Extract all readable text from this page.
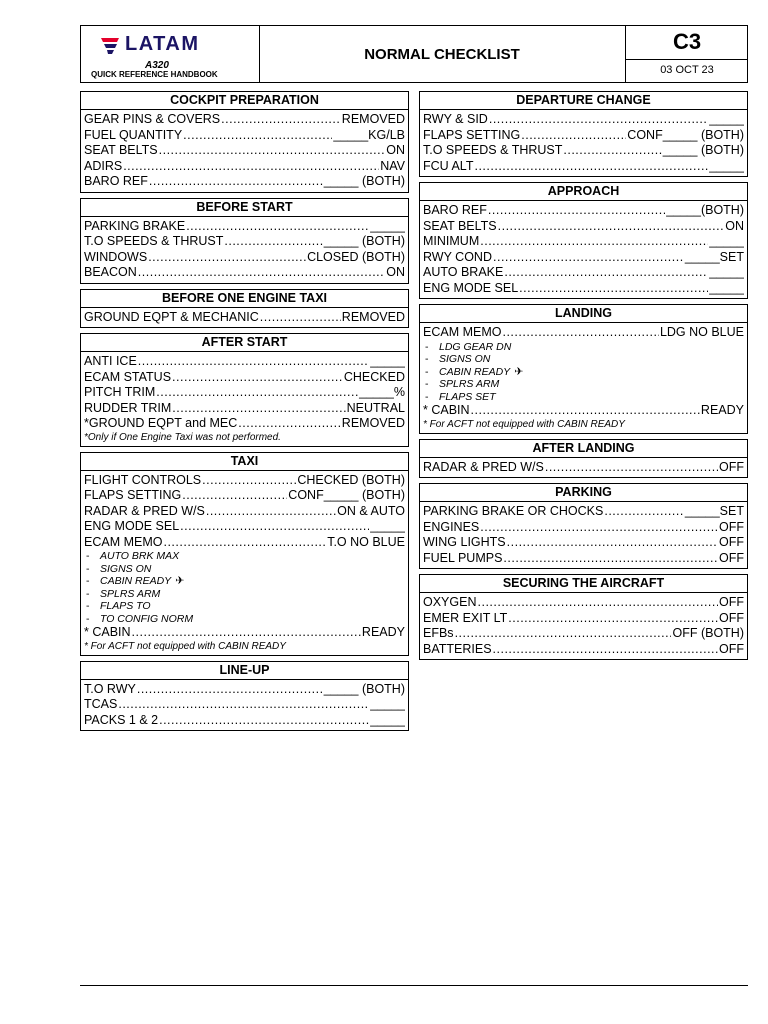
LATAM
A320
QUICK REFERENCE HANDBOOK
NORMAL CHECKLIST	C3
03 OCT 23
COCKPIT PREPARATION
GEAR PINS & COVERS .....	REMOVED
FUEL QUANTITY .....	_____KG/LB
SEAT BELTS .....	ON
ADIRS .....	NAV
BARO REF .....	_____ (BOTH)
BEFORE START
PARKING BRAKE .....	_____
T.O SPEEDS & THRUST .....	_____ (BOTH)
WINDOWS .....	CLOSED (BOTH)
BEACON .....	ON
BEFORE ONE ENGINE TAXI
GROUND EQPT & MECHANIC .....	REMOVED
AFTER START
ANTI ICE .....	_____
ECAM STATUS .....	CHECKED
PITCH TRIM .....	_____%
RUDDER TRIM .....	NEUTRAL
*GROUND EQPT and MEC .....	REMOVED
*Only if One Engine Taxi was not performed.
TAXI
FLIGHT CONTROLS .....	CHECKED (BOTH)
FLAPS SETTING .....	CONF_____ (BOTH)
RADAR & PRED W/S .....	ON & AUTO
ENG MODE SEL .....	_____
ECAM MEMO .....	T.O NO BLUE
- AUTO BRK MAX
- SIGNS ON
- CABIN READY ✈
- SPLRS ARM
- FLAPS TO
- TO CONFIG NORM
* CABIN .....	READY
* For ACFT not equipped with CABIN READY
LINE-UP
T.O RWY .....	_____ (BOTH)
TCAS .....	_____
PACKS 1 & 2 .....	_____
DEPARTURE CHANGE
RWY & SID .....	_____
FLAPS SETTING .....	CONF_____ (BOTH)
T.O SPEEDS & THRUST .....	_____ (BOTH)
FCU ALT .....	_____
APPROACH
BARO REF .....	_____(BOTH)
SEAT BELTS .....	ON
MINIMUM .....	_____
RWY COND .....	_____SET
AUTO BRAKE .....	_____
ENG MODE SEL .....	_____
LANDING
ECAM MEMO .....	LDG NO BLUE
- LDG GEAR DN
- SIGNS ON
- CABIN READY ✈
- SPLRS ARM
- FLAPS SET
* CABIN .....	READY
* For ACFT not equipped with CABIN READY
AFTER LANDING
RADAR & PRED W/S .....	OFF
PARKING
PARKING BRAKE OR CHOCKS .....	_____SET
ENGINES .....	OFF
WING LIGHTS .....	OFF
FUEL PUMPS .....	OFF
SECURING THE AIRCRAFT
OXYGEN .....	OFF
EMER EXIT LT .....	OFF
EFBs .....	OFF (BOTH)
BATTERIES .....	OFF
